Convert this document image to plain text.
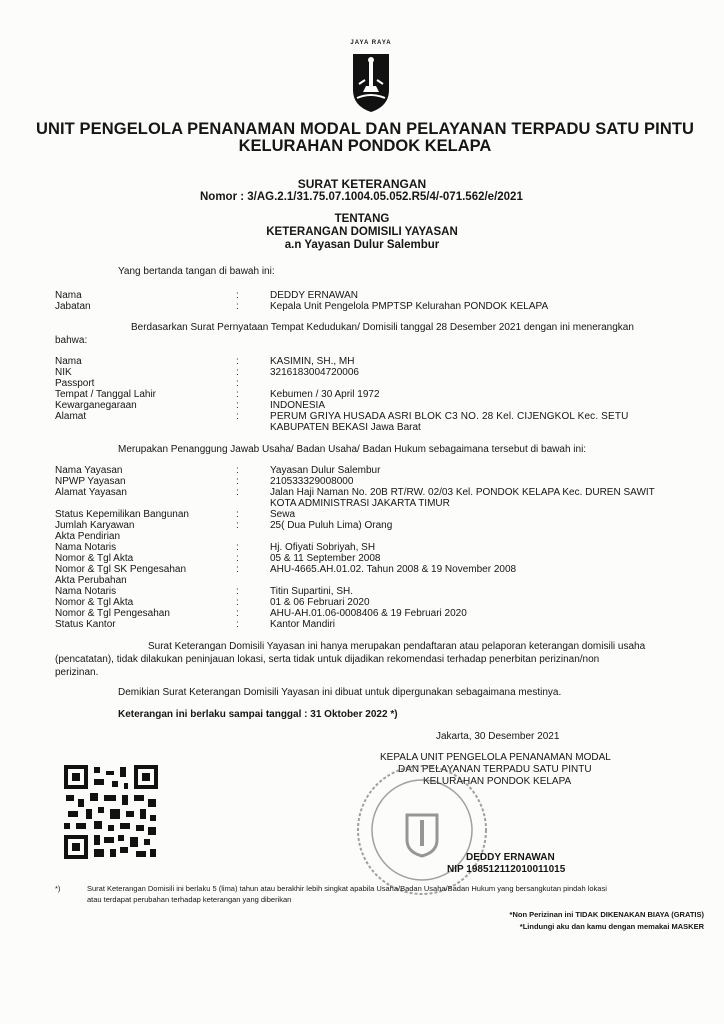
JAYA RAYA
UNIT PENGELOLA PENANAMAN MODAL DAN PELAYANAN TERPADU SATU PINTU
KELURAHAN PONDOK KELAPA
SURAT KETERANGAN
Nomor : 3/AG.2.1/31.75.07.1004.05.052.R5/4/-071.562/e/2021
TENTANG
KETERANGAN DOMISILI YAYASAN
a.n Yayasan Dulur Salembur
Yang bertanda tangan di bawah ini:
Nama	:	DEDDY ERNAWAN
Jabatan	:	Kepala Unit Pengelola PMPTSP Kelurahan PONDOK KELAPA
Berdasarkan Surat Pernyataan Tempat Kedudukan/ Domisili tanggal 28 Desember 2021 dengan ini menerangkan
bahwa:
Nama	:	KASIMIN, SH., MH
NIK	:	3216183004720006
Passport	:
Tempat / Tanggal Lahir	:	Kebumen / 30 April 1972
Kewarganegaraan	:	INDONESIA
Alamat	:	PERUM GRIYA HUSADA ASRI BLOK C3 NO. 28 Kel. CIJENGKOL Kec. SETU
KABUPATEN BEKASI Jawa Barat
Merupakan Penanggung Jawab Usaha/ Badan Usaha/ Badan Hukum sebagaimana tersebut di bawah ini:
Nama Yayasan	:	Yayasan Dulur Salembur
NPWP Yayasan	:	210533329008000
Alamat Yayasan	:	Jalan Haji Naman No. 20B RT/RW. 02/03 Kel. PONDOK KELAPA Kec. DUREN SAWIT
KOTA ADMINISTRASI JAKARTA TIMUR
Status Kepemilikan Bangunan	:	Sewa
Jumlah Karyawan	:	25( Dua Puluh Lima) Orang
Akta Pendirian
Nama Notaris	:	Hj. Ofiyati Sobriyah, SH
Nomor & Tgl Akta	:	05 & 11 September 2008
Nomor & Tgl SK Pengesahan	:	AHU-4665.AH.01.02. Tahun 2008 & 19 November 2008
Akta Perubahan
Nama Notaris	:	Titin Supartini, SH.
Nomor & Tgl Akta	:	01 & 06 Februari 2020
Nomor & Tgl Pengesahan	:	AHU-AH.01.06-0008406 & 19 Februari 2020
Status Kantor	:	Kantor Mandiri
Surat Keterangan Domisili Yayasan ini hanya merupakan pendaftaran atau pelaporan keterangan domisili usaha
(pencatatan), tidak dilakukan peninjauan lokasi, serta tidak untuk dijadikan rekomendasi terhadap penerbitan perizinan/non
perizinan.
Demikian Surat Keterangan Domisili Yayasan ini dibuat untuk dipergunakan sebagaimana mestinya.
Keterangan ini berlaku sampai tanggal : 31 Oktober 2022 *)
Jakarta, 30 Desember 2021
KEPALA UNIT PENGELOLA PENANAMAN MODAL
DAN PELAYANAN TERPADU SATU PINTU
KELURAHAN PONDOK KELAPA
DEDDY ERNAWAN
NIP 198512112010011015
*)	Surat Keterangan Domisili ini berlaku 5 (lima) tahun atau berakhir lebih singkat apabila Usaha/Badan Usaha/Badan Hukum yang bersangkutan pindah lokasi
atau terdapat perubahan terhadap keterangan yang diberikan
*Non Perizinan ini TIDAK DIKENAKAN BIAYA (GRATIS)
*Lindungi aku dan kamu dengan memakai MASKER
